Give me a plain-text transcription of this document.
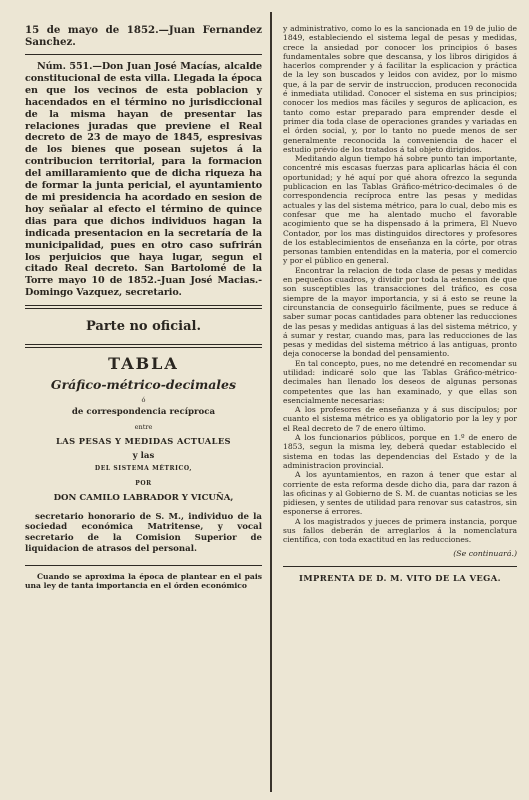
15 de mayo de 1852.—Juan Fernandez Sanchez.

Núm. 551.—Don Juan José Macías, alcalde constitucional de esta villa. Llegada la época en que los vecinos de esta poblacion y hacendados en el término no jurisdiccional de la misma hayan de presentar las relaciones juradas que previene el Real decreto de 23 de mayo de 1845, espresivas de los bienes que posean sujetos á la contribucion territorial, para la formacion del amillaramiento que de dicha riqueza ha de formar la junta pericial, el ayuntamiento de mi presidencia ha acordado en sesion de hoy señalar al efecto el término de quince dias para que dichos individuos hagan la indicada presentacion en la secretaría de la municipalidad, pues en otro caso sufrirán los perjuicios que haya lugar, segun el citado Real decreto. San Bartolomé de la Torre mayo 10 de 1852.-Juan José Macias.-Domingo Vazquez, secretario.

Parte no oficial.

TABLA

Gráfico-métrico-decimales

ó

de correspondencia recíproca

entre

LAS PESAS Y MEDIDAS ACTUALES

y las

DEL SISTEMA MÉTRICO,

POR

DON CAMILO LABRADOR Y VICUÑA,

secretario honorario de S. M., individuo de la sociedad económica Matritense, y vocal secretario de la Comision Superior de liquidacion de atrasos del personal.

Cuando se aproxima la época de plantear en el pais una ley de tanta importancia en el órden económico

y administrativo, como lo es la sancionada en 19 de julio de 1849, estableciendo el sistema legal de pesas y medidas, crece la ansiedad por conocer los principios ó bases fundamentales sobre que descansa, y los libros dirigidos á hacerlos comprender y á facilitar la esplicacion y práctica de la ley son buscados y leidos con avidez, por lo mismo que, á la par de servir de instruccion, producen reconocida é inmediata utilidad. Conocer el sistema en sus principios; conocer los medios mas fáciles y seguros de aplicacion, es tanto como estar preparado para emprender desde el primer dia toda clase de operaciones grandes y variadas en el órden social, y, por lo tanto no puede menos de ser generalmente reconocida la conveniencia de hacer el estudio prévio de los tratados á tal objeto dirigidos.

Meditando algun tiempo há sobre punto tan importante, concentré mis escasas fuerzas para aplicarlas hácia él con oportunidad; y hé aquí por qué ahora ofrezco la segunda publicacion en las Tablas Gráfico-métrico-decimales ó de correspondencia recíproca entre las pesas y medidas actuales y las del sistema métrico, para lo cual, debo mis es confesar que me ha alentado mucho el favorable acogimiento que se ha dispensado á la primera, El Nuevo Contador, por los mas distinguidos directores y profesores de los establecimientos de enseñanza en la córte, por otras personas tambien entendidas en la materia, por el comercio y por el público en general.

Encontrar la relacion de toda clase de pesas y medidas en pequeños cuadros, y dividir por toda la estension de que son susceptibles las transacciones del tráfico, es cosa siempre de la mayor importancia, y si á esto se reune la circunstancia de conseguirlo fácilmente, pues se reduce á saber sumar pocas cantidades para obtener las reducciones de las pesas y medidas antiguas á las del sistema métrico, y á sumar y restar, cuando mas, para las reducciones de las pesas y medidas del sistema métrico á las antiguas, pronto deja conocerse la bondad del pensamiento.

En tal concepto, pues, no me detendré en recomendar su utilidad: indicaré solo que las Tablas Gráfico-métrico-decimales han llenado los deseos de algunas personas competentes que las han examinado, y que ellas son esencialmente necesarias:

A los profesores de enseñanza y á sus discípulos; por cuanto el sistema métrico es ya obligatorio por la ley y por el Real decreto de 7 de enero último.

A los funcionarios públicos, porque en 1.º de enero de 1853, segun la misma ley, deberá quedar establecido el sistema en todas las dependencias del Estado y de la administracion provincial.

A los ayuntamientos, en razon á tener que estar al corriente de esta reforma desde dicho dia, para dar razon á las oficinas y al Gobierno de S. M. de cuantas noticias se les pidiesen, y sentes de utilidad para renovar sus catastros, sin esponerse á errores.

A los magistrados y jueces de primera instancia, porque sus fallos deberán de arreglarlos á la nomenclatura científica, con toda exactitud en las reducciones.

(Se continuará.)

IMPRENTA DE D. M. VITO DE LA VEGA.
